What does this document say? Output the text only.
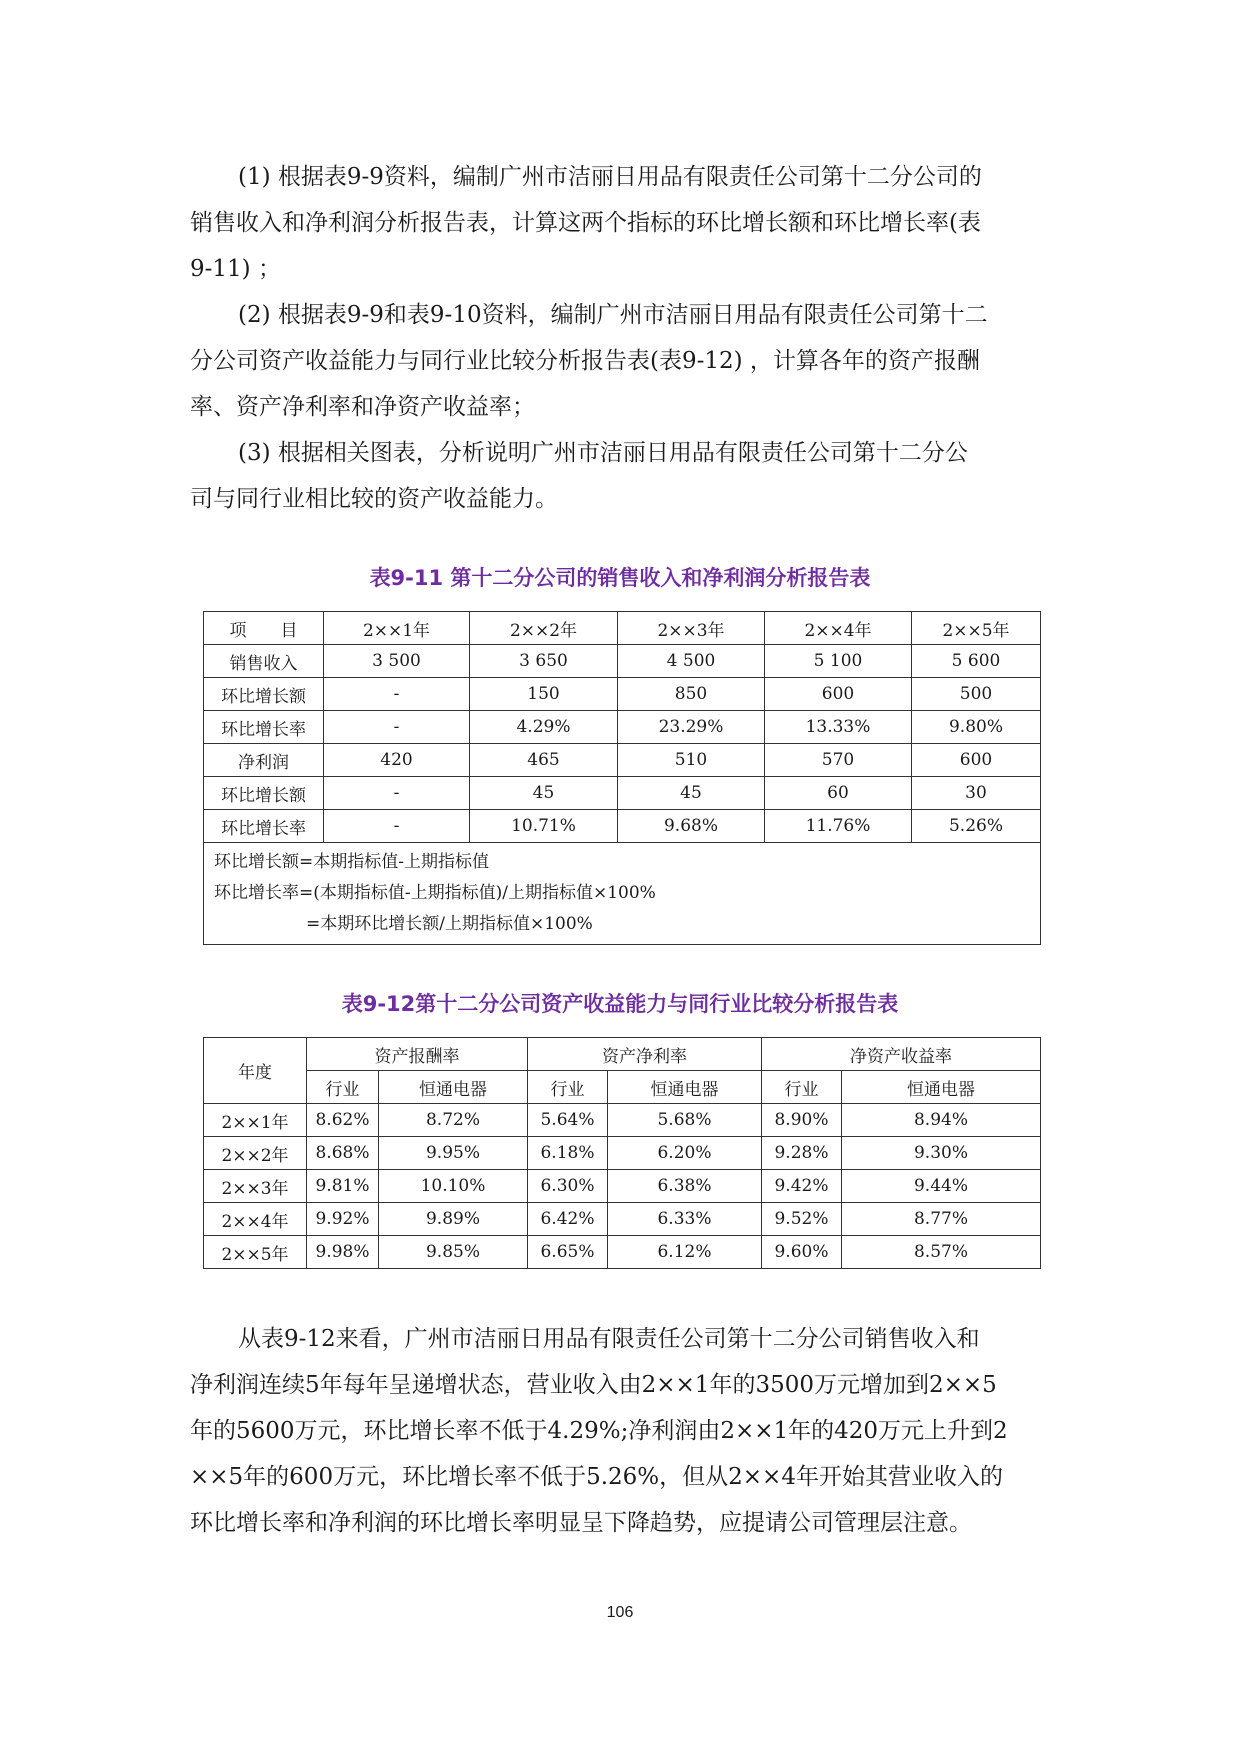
(1) 根据表9-9资料，编制广州市洁丽日用品有限责任公司第十二分公司的
销售收入和净利润分析报告表，计算这两个指标的环比增长额和环比增长率(表
9-11) ；

(2) 根据表9-9和表9-10资料，编制广州市洁丽日用品有限责任公司第十二
分公司资产收益能力与同行业比较分析报告表(表9-12) ，计算各年的资产报酬
率、资产净利率和净资产收益率；

(3) 根据相关图表，分析说明广州市洁丽日用品有限责任公司第十二分公
司与同行业相比较的资产收益能力。

表9-11 第十二分公司的销售收入和净利润分析报告表

项　　目	2××1年	2××2年	2××3年	2××4年	2××5年
销售收入	3 500	3 650	4 500	5 100	5 600
环比增长额	-	150	850	600	500
环比增长率	-	4.29%	23.29%	13.33%	9.80%
净利润	420	465	510	570	600
环比增长额	-	45	45	60	30
环比增长率	-	10.71%	9.68%	11.76%	5.26%

环比增长额=本期指标值-上期指标值
环比增长率=(本期指标值-上期指标值)/上期指标值×100%
=本期环比增长额/上期指标值×100%					

表9-12第十二分公司资产收益能力与同行业比较分析报告表

年度	资产报酬率		资产净利率		净资产收益率	
	行业	恒通电器	行业	恒通电器	行业	恒通电器
2××1年	8.62%	8.72%	5.64%	5.68%	8.90%	8.94%
2××2年	8.68%	9.95%	6.18%	6.20%	9.28%	9.30%
2××3年	9.81%	10.10%	6.30%	6.38%	9.42%	9.44%
2××4年	9.92%	9.89%	6.42%	6.33%	9.52%	8.77%
2××5年	9.98%	9.85%	6.65%	6.12%	9.60%	8.57%

从表9-12来看，广州市洁丽日用品有限责任公司第十二分公司销售收入和
净利润连续5年每年呈递增状态，营业收入由2××1年的3500万元增加到2××5
年的5600万元，环比增长率不低于4.29%;净利润由2××1年的420万元上升到2
××5年的600万元，环比增长率不低于5.26%，但从2××4年开始其营业收入的
环比增长率和净利润的环比增长率明显呈下降趋势，应提请公司管理层注意。

106
